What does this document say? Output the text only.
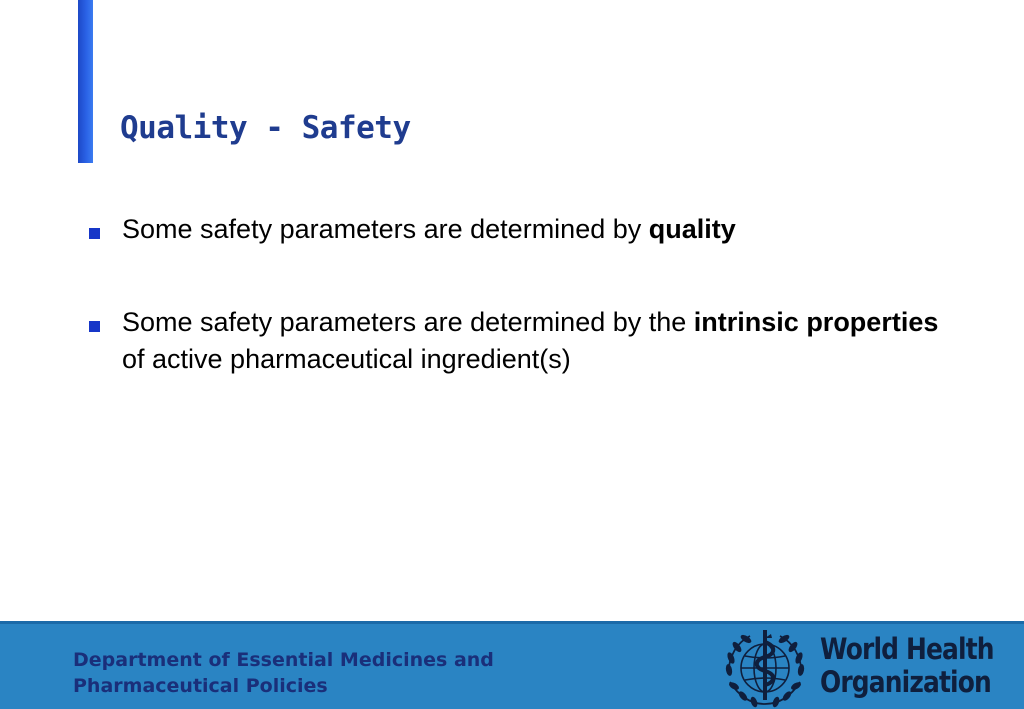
Quality - Safety
Some safety parameters are determined by quality
Some safety parameters are determined by the intrinsic properties of active pharmaceutical ingredient(s)

Department of Essential Medicines and
Pharmaceutical Policies

World Health
Organization
